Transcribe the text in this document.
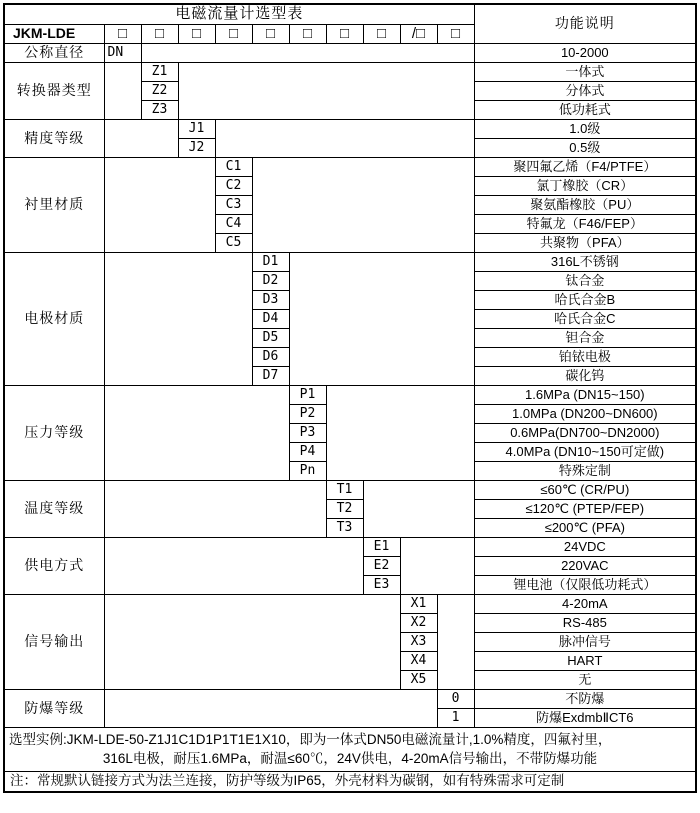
电磁流量计选型表											功能说明
JKM-LDE	□	□	□	□	□	□	□	□	/□	□	
公称直径	DN										10-2000
转换器类型		Z1									一体式
		Z2									分体式
		Z3									低功耗式
精度等级			J1								1.0级
			J2								0.5级
衬里材质				C1							聚四氟乙烯（F4/PTFE）
				C2							氯丁橡胶（CR）
				C3							聚氨酯橡胶（PU）
				C4							特氟龙（F46/FEP）
				C5							共聚物（PFA）
电极材质					D1						316L不锈钢
					D2						钛合金
					D3						哈氏合金B
					D4						哈氏合金C
					D5						钽合金
					D6						铂铱电极
					D7						碳化钨
压力等级						P1					1.6MPa (DN15~150)
						P2					1.0MPa (DN200~DN600)
						P3					0.6MPa(DN700~DN2000)
						P4					4.0MPa (DN10~150可定做)
						Pn					特殊定制
温度等级							T1				≤60℃ (CR/PU)
							T2				≤120℃ (PTEP/FEP)
							T3				≤200℃ (PFA)
供电方式								E1			24VDC
								E2			220VAC
								E3			锂电池（仅限低功耗式）
信号输出									X1		4-20mA
									X2		RS-485
									X3		脉冲信号
									X4		HART
									X5		无
防爆等级										0	不防爆
										1	防爆ExdmbⅡCT6

选型实例:JKM-LDE-50-Z1J1C1D1P1T1E1X10，即为一体式DN50电磁流量计,1.0%精度，四氟衬里，
316L电极，耐压1.6MPa，耐温≤60℃，24V供电，4-20mA信号输出，不带防爆功能											

注：常规默认链接方式为法兰连接，防护等级为IP65，外壳材料为碳钢，如有特殊需求可定制											
